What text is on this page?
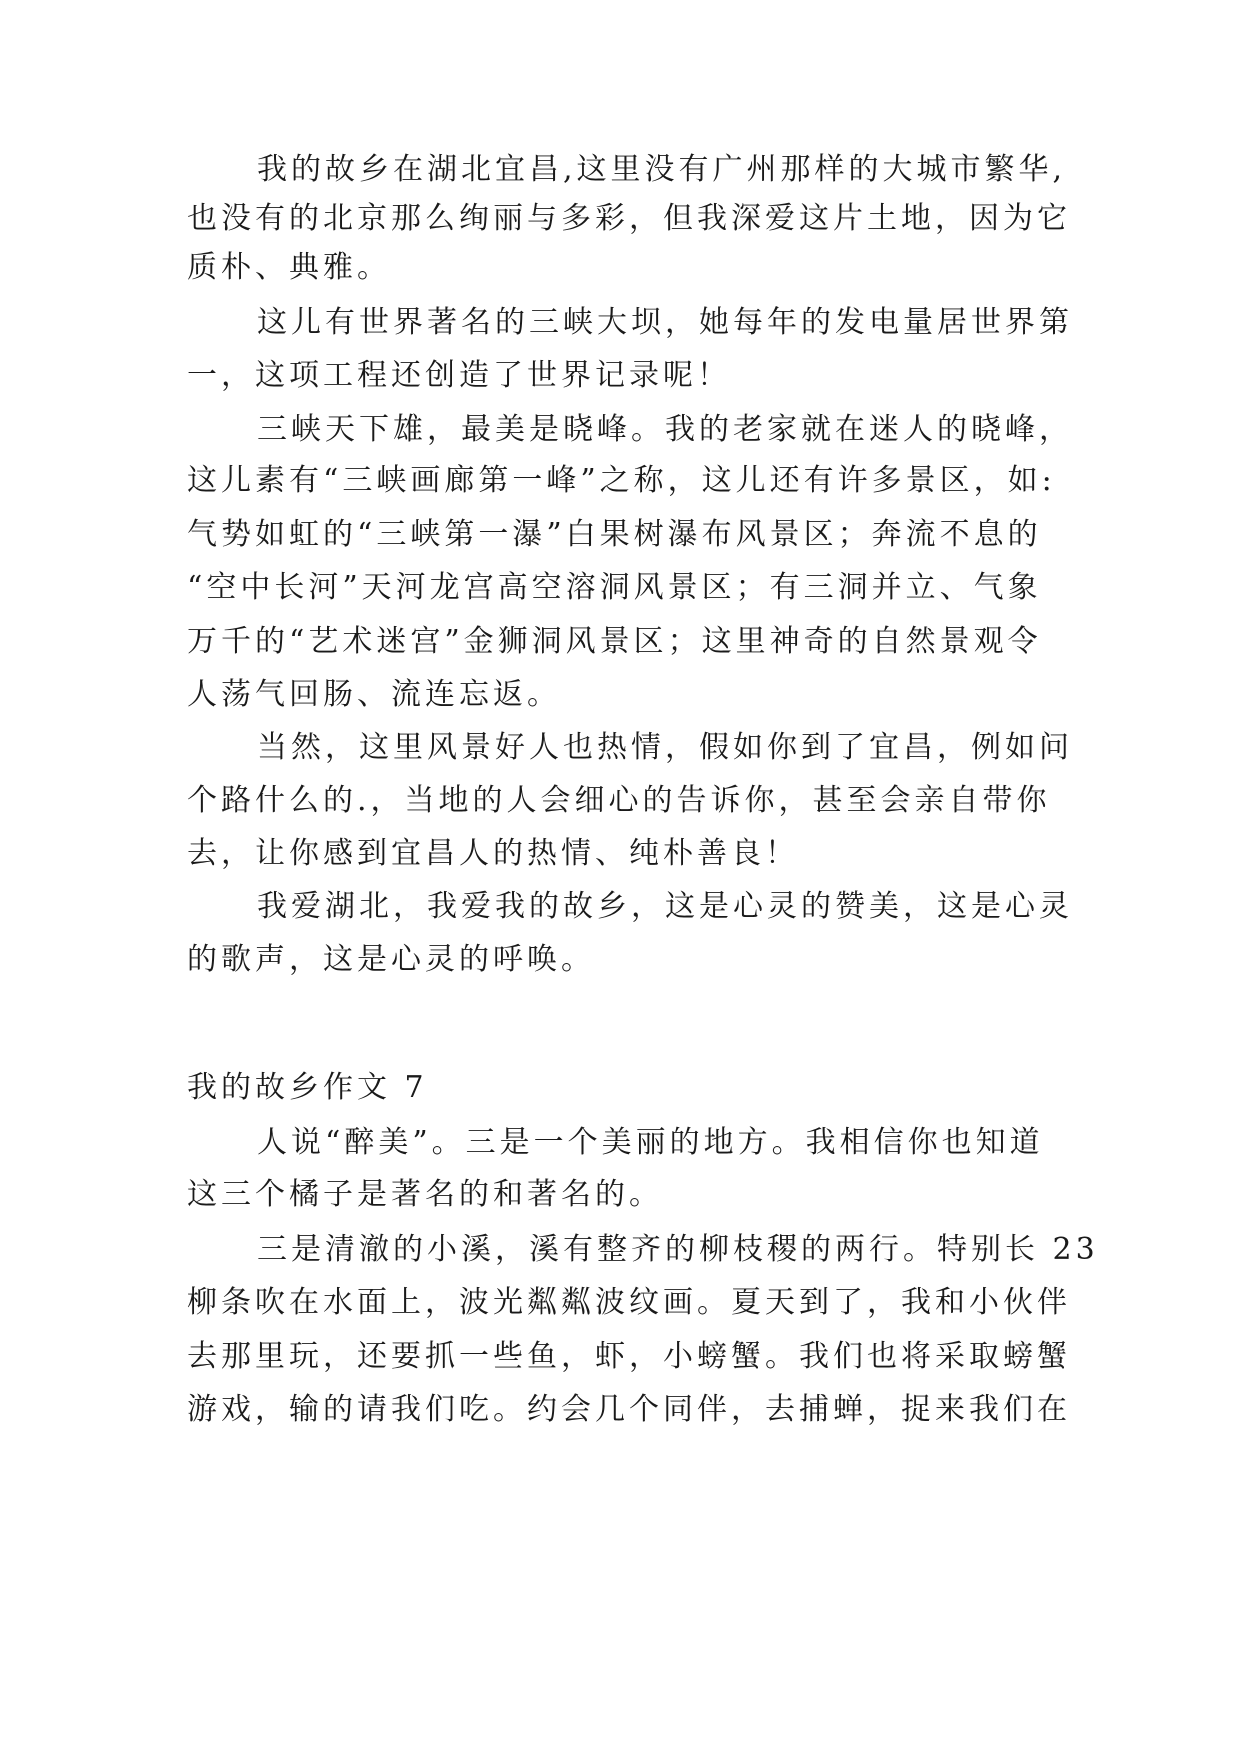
我的故乡在湖北宜昌,这里没有广州那样的大城市繁华,
也没有的北京那么绚丽与多彩，但我深爱这片土地，因为它
质朴、典雅。
这儿有世界著名的三峡大坝，她每年的发电量居世界第
一，这项工程还创造了世界记录呢！
三峡天下雄，最美是晓峰。我的老家就在迷人的晓峰，
这儿素有“三峡画廊第一峰”之称，这儿还有许多景区，如:
气势如虹的“三峡第一瀑”白果树瀑布风景区；奔流不息的
“空中长河”天河龙宫高空溶洞风景区；有三洞并立、气象
万千的“艺术迷宫”金狮洞风景区；这里神奇的自然景观令
人荡气回肠、流连忘返。
当然，这里风景好人也热情，假如你到了宜昌，例如问
个路什么的.，当地的人会细心的告诉你，甚至会亲自带你
去，让你感到宜昌人的热情、纯朴善良！
我爱湖北，我爱我的故乡，这是心灵的赞美，这是心灵
的歌声，这是心灵的呼唤。
我的故乡作文 7
人说“醉美”。三是一个美丽的地方。我相信你也知道
这三个橘子是著名的和著名的。
三是清澈的小溪，溪有整齐的柳枝稷的两行。特别长 23
柳条吹在水面上，波光粼粼波纹画。夏天到了，我和小伙伴
去那里玩，还要抓一些鱼，虾，小螃蟹。我们也将采取螃蟹
游戏，输的请我们吃。约会几个同伴，去捕蝉，捉来我们在
